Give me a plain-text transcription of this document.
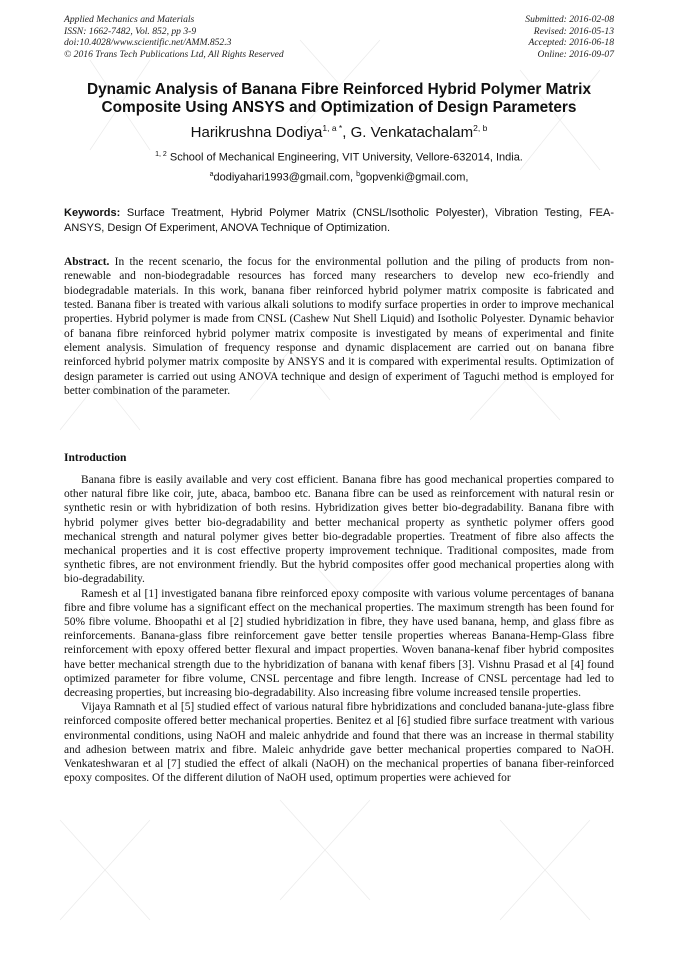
Applied Mechanics and Materials
ISSN: 1662-7482, Vol. 852, pp 3-9
doi:10.4028/www.scientific.net/AMM.852.3
© 2016 Trans Tech Publications Ltd, All Rights Reserved
Submitted: 2016-02-08
Revised: 2016-05-13
Accepted: 2016-06-18
Online: 2016-09-07
Dynamic Analysis of Banana Fibre Reinforced Hybrid Polymer Matrix
Composite Using ANSYS and Optimization of Design Parameters
Harikrushna Dodiya$^{1, a *}$, G. Venkatachalam$^{2, b}$
$^{1, 2}$ School of Mechanical Engineering, VIT University, Vellore-632014, India.
$^a$dodiyahari1993@gmail.com, $^b$gopvenki@gmail.com,
Keywords: Surface Treatment, Hybrid Polymer Matrix (CNSL/Isotholic Polyester), Vibration Testing, FEA-ANSYS, Design Of Experiment, ANOVA Technique of Optimization.
Abstract. In the recent scenario, the focus for the environmental pollution and the piling of products from non-renewable and non-biodegradable resources has forced many researchers to develop new eco-friendly and biodegradable materials. In this work, banana fiber reinforced hybrid polymer matrix composite is fabricated and tested. Banana fiber is treated with various alkali solutions to modify surface properties in order to improve mechanical properties. Hybrid polymer is made from CNSL (Cashew Nut Shell Liquid) and Isotholic Polyester. Dynamic behavior of banana fibre reinforced hybrid polymer matrix composite is investigated by means of experimental and finite element analysis. Simulation of frequency response and dynamic displacement are carried out on banana fibre reinforced hybrid polymer matrix composite by ANSYS and it is compared with experimental results. Optimization of design parameter is carried out using ANOVA technique and design of experiment of Taguchi method is employed for better combination of the parameter.
Introduction

Banana fibre is easily available and very cost efficient. Banana fibre has good mechanical properties compared to other natural fibre like coir, jute, abaca, bamboo etc. Banana fibre can be used as reinforcement with natural resin or synthetic resin or with hybridization of both resins. Hybridization gives better bio-degradability. Banana fibre with hybrid polymer gives better bio-degradability and better mechanical property as synthetic polymer offers good mechanical strength and natural polymer gives better bio-degradable properties. Treatment of fibre also affects the mechanical properties and it is cost effective property improvement technique. Traditional composites, made from synthetic fibres, are not environment friendly. But the hybrid composites offer good mechanical properties along with bio-degradability.

Ramesh et al [1] investigated banana fibre reinforced epoxy composite with various volume percentages of banana fibre and fibre volume has a significant effect on the mechanical properties. The maximum strength has been found for 50% fibre volume. Bhoopathi et al [2] studied hybridization in fibre, they have used banana, hemp, and glass fibre as reinforcements. Banana-glass fibre reinforcement gave better tensile properties whereas Banana-Hemp-Glass fibre reinforcement with epoxy offered better flexural and impact properties. Woven banana-kenaf fiber hybrid composites have better mechanical strength due to the hybridization of banana with kenaf fibers [3]. Vishnu Prasad et al [4] found optimized parameter for fibre volume, CNSL percentage and fibre length. Increase of CNSL percentage had led to decreasing properties, but increasing bio-degradability. Also increasing fibre volume increased tensile properties.

Vijaya Ramnath et al [5] studied effect of various natural fibre hybridizations and concluded banana-jute-glass fibre reinforced composite offered better mechanical properties. Benitez et al [6] studied fibre surface treatment with various environmental conditions, using NaOH and maleic anhydride and found that there was an increase in thermal stability and adhesion between matrix and fibre. Maleic anhydride gave better mechanical properties compared to NaOH. Venkateshwaran et al [7] studied the effect of alkali (NaOH) on the mechanical properties of banana fiber-reinforced epoxy composites. Of the different dilution of NaOH used, optimum properties were achieved for
